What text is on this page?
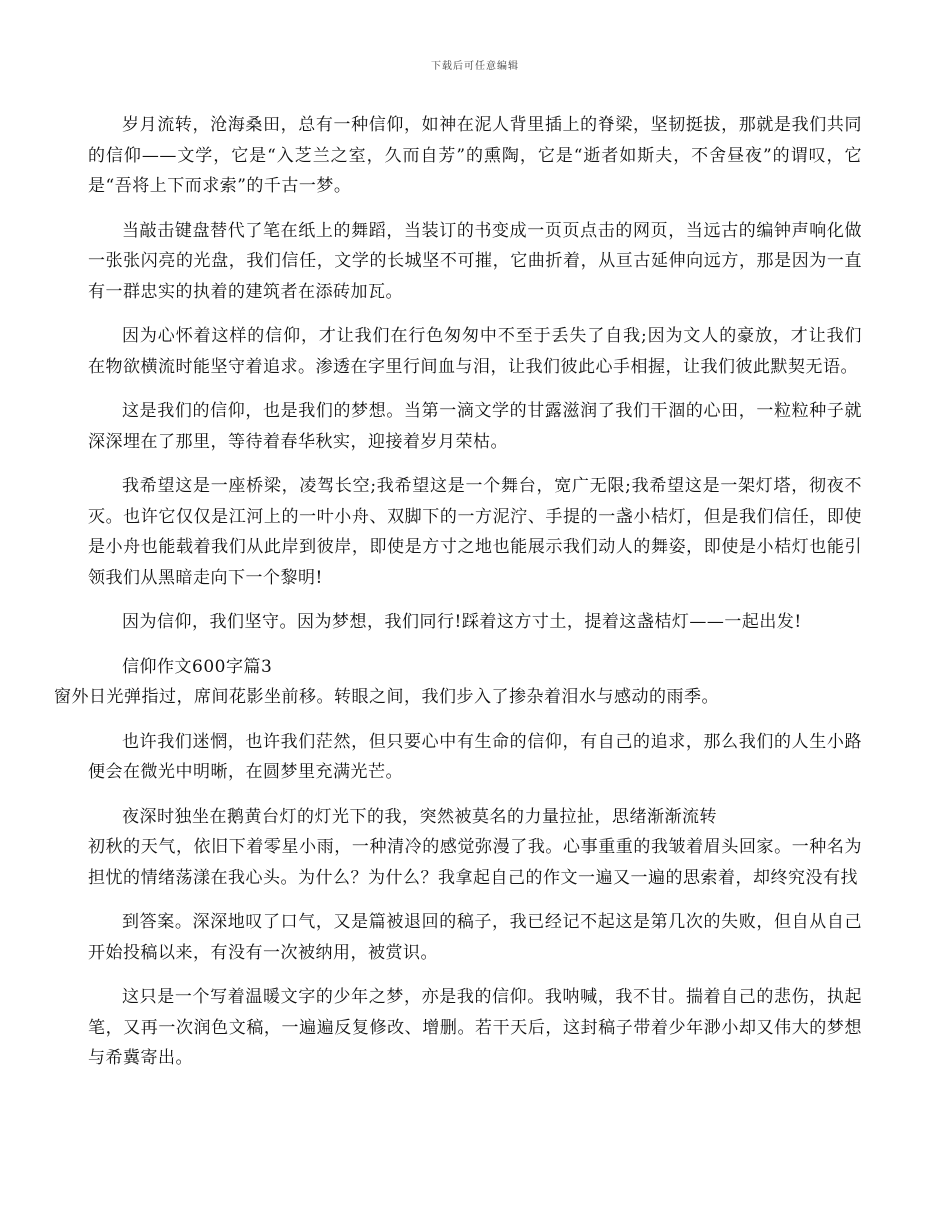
下载后可任意编辑

岁月流转，沧海桑田，总有一种信仰，如神在泥人背里插上的脊梁，坚韧挺拔，那就是我们共同的信仰——文学，它是“入芝兰之室，久而自芳”的熏陶，它是“逝者如斯夫，不舍昼夜”的谓叹，它是“吾将上下而求索”的千古一梦。

当敲击键盘替代了笔在纸上的舞蹈，当装订的书变成一页页点击的网页，当远古的编钟声响化做一张张闪亮的光盘，我们信任，文学的长城坚不可摧，它曲折着，从亘古延伸向远方，那是因为一直有一群忠实的执着的建筑者在添砖加瓦。

因为心怀着这样的信仰，才让我们在行色匆匆中不至于丢失了自我;因为文人的豪放，才让我们在物欲横流时能坚守着追求。渗透在字里行间血与泪，让我们彼此心手相握，让我们彼此默契无语。

这是我们的信仰，也是我们的梦想。当第一滴文学的甘露滋润了我们干涸的心田，一粒粒种子就深深埋在了那里，等待着春华秋实，迎接着岁月荣枯。

我希望这是一座桥梁，凌驾长空;我希望这是一个舞台，宽广无限;我希望这是一架灯塔，彻夜不灭。也许它仅仅是江河上的一叶小舟、双脚下的一方泥泞、手提的一盏小桔灯，但是我们信任，即使是小舟也能载着我们从此岸到彼岸，即使是方寸之地也能展示我们动人的舞姿，即使是小桔灯也能引领我们从黑暗走向下一个黎明!

因为信仰，我们坚守。因为梦想，我们同行!踩着这方寸土，提着这盏桔灯——一起出发!

信仰作文600字篇3

窗外日光弹指过，席间花影坐前移。转眼之间，我们步入了掺杂着泪水与感动的雨季。

也许我们迷惘，也许我们茫然，但只要心中有生命的信仰，有自己的追求，那么我们的人生小路便会在微光中明晰，在圆梦里充满光芒。

夜深时独坐在鹅黄台灯的灯光下的我，突然被莫名的力量拉扯，思绪渐渐流转

初秋的天气，依旧下着零星小雨，一种清冷的感觉弥漫了我。心事重重的我皱着眉头回家。一种名为担忧的情绪荡漾在我心头。为什么？为什么？我拿起自己的作文一遍又一遍的思索着，却终究没有找

到答案。深深地叹了口气，又是篇被退回的稿子，我已经记不起这是第几次的失败，但自从自己开始投稿以来，有没有一次被纳用，被赏识。

这只是一个写着温暖文字的少年之梦，亦是我的信仰。我呐喊，我不甘。揣着自己的悲伤，执起笔，又再一次润色文稿，一遍遍反复修改、增删。若干天后，这封稿子带着少年渺小却又伟大的梦想与希冀寄出。
